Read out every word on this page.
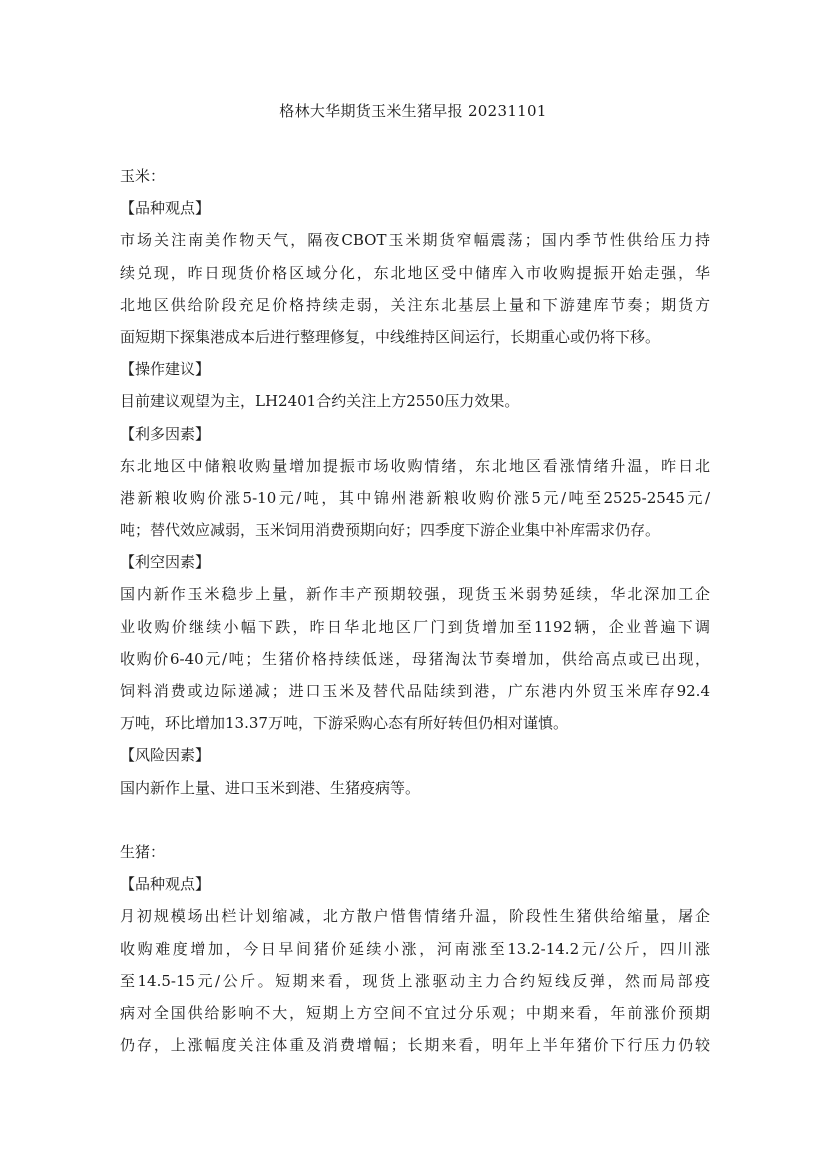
格林大华期货玉米生猪早报 20231101

玉米：

【品种观点】

市场关注南美作物天气，隔夜CBOT玉米期货窄幅震荡；国内季节性供给压力持

续兑现，昨日现货价格区域分化，东北地区受中储库入市收购提振开始走强，华

北地区供给阶段充足价格持续走弱，关注东北基层上量和下游建库节奏；期货方

面短期下探集港成本后进行整理修复，中线维持区间运行，长期重心或仍将下移。

【操作建议】

目前建议观望为主，LH2401合约关注上方2550压力效果。

【利多因素】

东北地区中储粮收购量增加提振市场收购情绪，东北地区看涨情绪升温，昨日北

港新粮收购价涨5-10元/吨，其中锦州港新粮收购价涨5元/吨至2525-2545元/

吨；替代效应减弱，玉米饲用消费预期向好；四季度下游企业集中补库需求仍存。

【利空因素】

国内新作玉米稳步上量，新作丰产预期较强，现货玉米弱势延续，华北深加工企

业收购价继续小幅下跌，昨日华北地区厂门到货增加至1192辆，企业普遍下调

收购价6-40元/吨；生猪价格持续低迷，母猪淘汰节奏增加，供给高点或已出现，

饲料消费或边际递减；进口玉米及替代品陆续到港，广东港内外贸玉米库存92.4

万吨，环比增加13.37万吨，下游采购心态有所好转但仍相对谨慎。

【风险因素】

国内新作上量、进口玉米到港、生猪疫病等。

生猪：

【品种观点】

月初规模场出栏计划缩减，北方散户惜售情绪升温，阶段性生猪供给缩量，屠企

收购难度增加，今日早间猪价延续小涨，河南涨至13.2-14.2元/公斤，四川涨

至14.5-15元/公斤。短期来看，现货上涨驱动主力合约短线反弹，然而局部疫

病对全国供给影响不大，短期上方空间不宜过分乐观；中期来看，年前涨价预期

仍存，上涨幅度关注体重及消费增幅；长期来看，明年上半年猪价下行压力仍较
